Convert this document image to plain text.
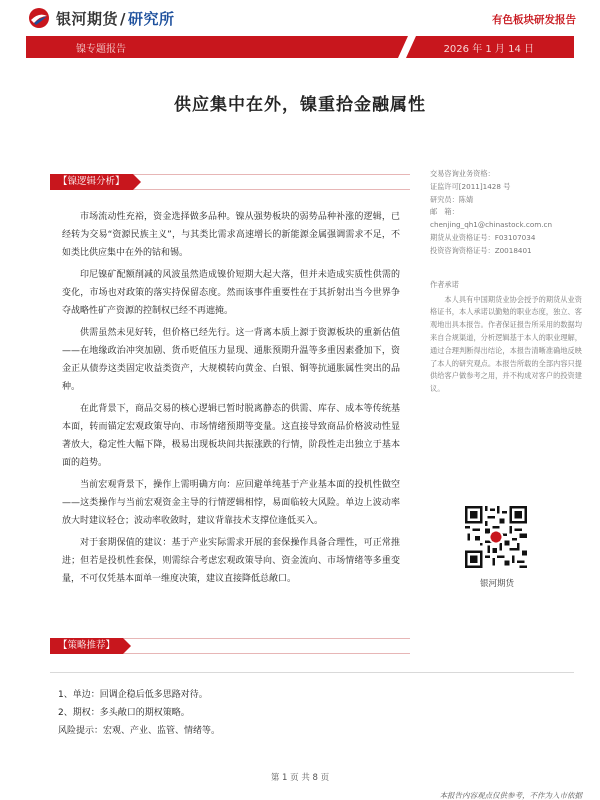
银河期货 / 研究所	有色板块研发报告
镍专题报告	2026 年 1 月 14 日
供应集中在外，镍重拾金融属性
【镍逻辑分析】

市场流动性充裕，资金选择做多品种。镍从强势板块的弱势品种补涨的逻辑，已经转为交易“资源民族主义”，与其类比需求高速增长的新能源金属强调需求不足，不如类比供应集中在外的钴和锡。

印尼镍矿配额削减的风波虽然造成镍价短期大起大落，但并未造成实质性供需的变化，市场也对政策的落实持保留态度。然而该事件重要性在于其折射出当今世界争夺战略性矿产资源的控制权已经不再遮掩。

供需虽然未见好转，但价格已经先行。这一背离本质上源于资源板块的重新估值——在地缘政治冲突加剧、货币贬值压力显现、通胀预期升温等多重因素叠加下，资金正从债券这类固定收益类资产，大规模转向黄金、白银、铜等抗通胀属性突出的品种。

在此背景下，商品交易的核心逻辑已暂时脱离静态的供需、库存、成本等传统基本面，转而锚定宏观政策导向、市场情绪预期等变量。这直接导致商品价格波动性显著放大，稳定性大幅下降，极易出现板块间共振涨跌的行情，阶段性走出独立于基本面的趋势。

当前宏观背景下，操作上需明确方向：应回避单纯基于产业基本面的投机性做空——这类操作与当前宏观资金主导的行情逻辑相悖，易面临较大风险。单边上波动率放大时建议轻仓；波动率收敛时，建议背靠技术支撑位逢低买入。

对于套期保值的建议：基于产业实际需求开展的套保操作具备合理性，可正常推进；但若是投机性套保，则需综合考虑宏观政策导向、资金流向、市场情绪等多重变量，不可仅凭基本面单一维度决策，建议直接降低总敞口。

交易咨询业务资格：
证监许可[2011]1428 号
研究员：陈婧
邮　箱：
chenjing_qh1@chinastock.com.cn
期货从业资格证号：F03107034
投资咨询资格证号：Z0018401
作者承诺
本人具有中国期货业协会授予的期货从业资格证书，本人承诺以勤勉的职业态度，独立、客观地出具本报告。作者保证报告所采用的数据均来自合规渠道，分析逻辑基于本人的职业理解，通过合理判断得出结论，本报告清晰准确地反映了本人的研究观点。本报告所载的全部内容只提供给客户做参考之用，并不构成对客户的投资建议。
银河期货
【策略推荐】
1、单边：回调企稳后低多思路对待。
2、期权：多头敞口的期权策略。
风险提示：宏观、产业、监管、情绪等。
第 1 页 共 8 页
本报告内容观点仅供参考，不作为入市依据
